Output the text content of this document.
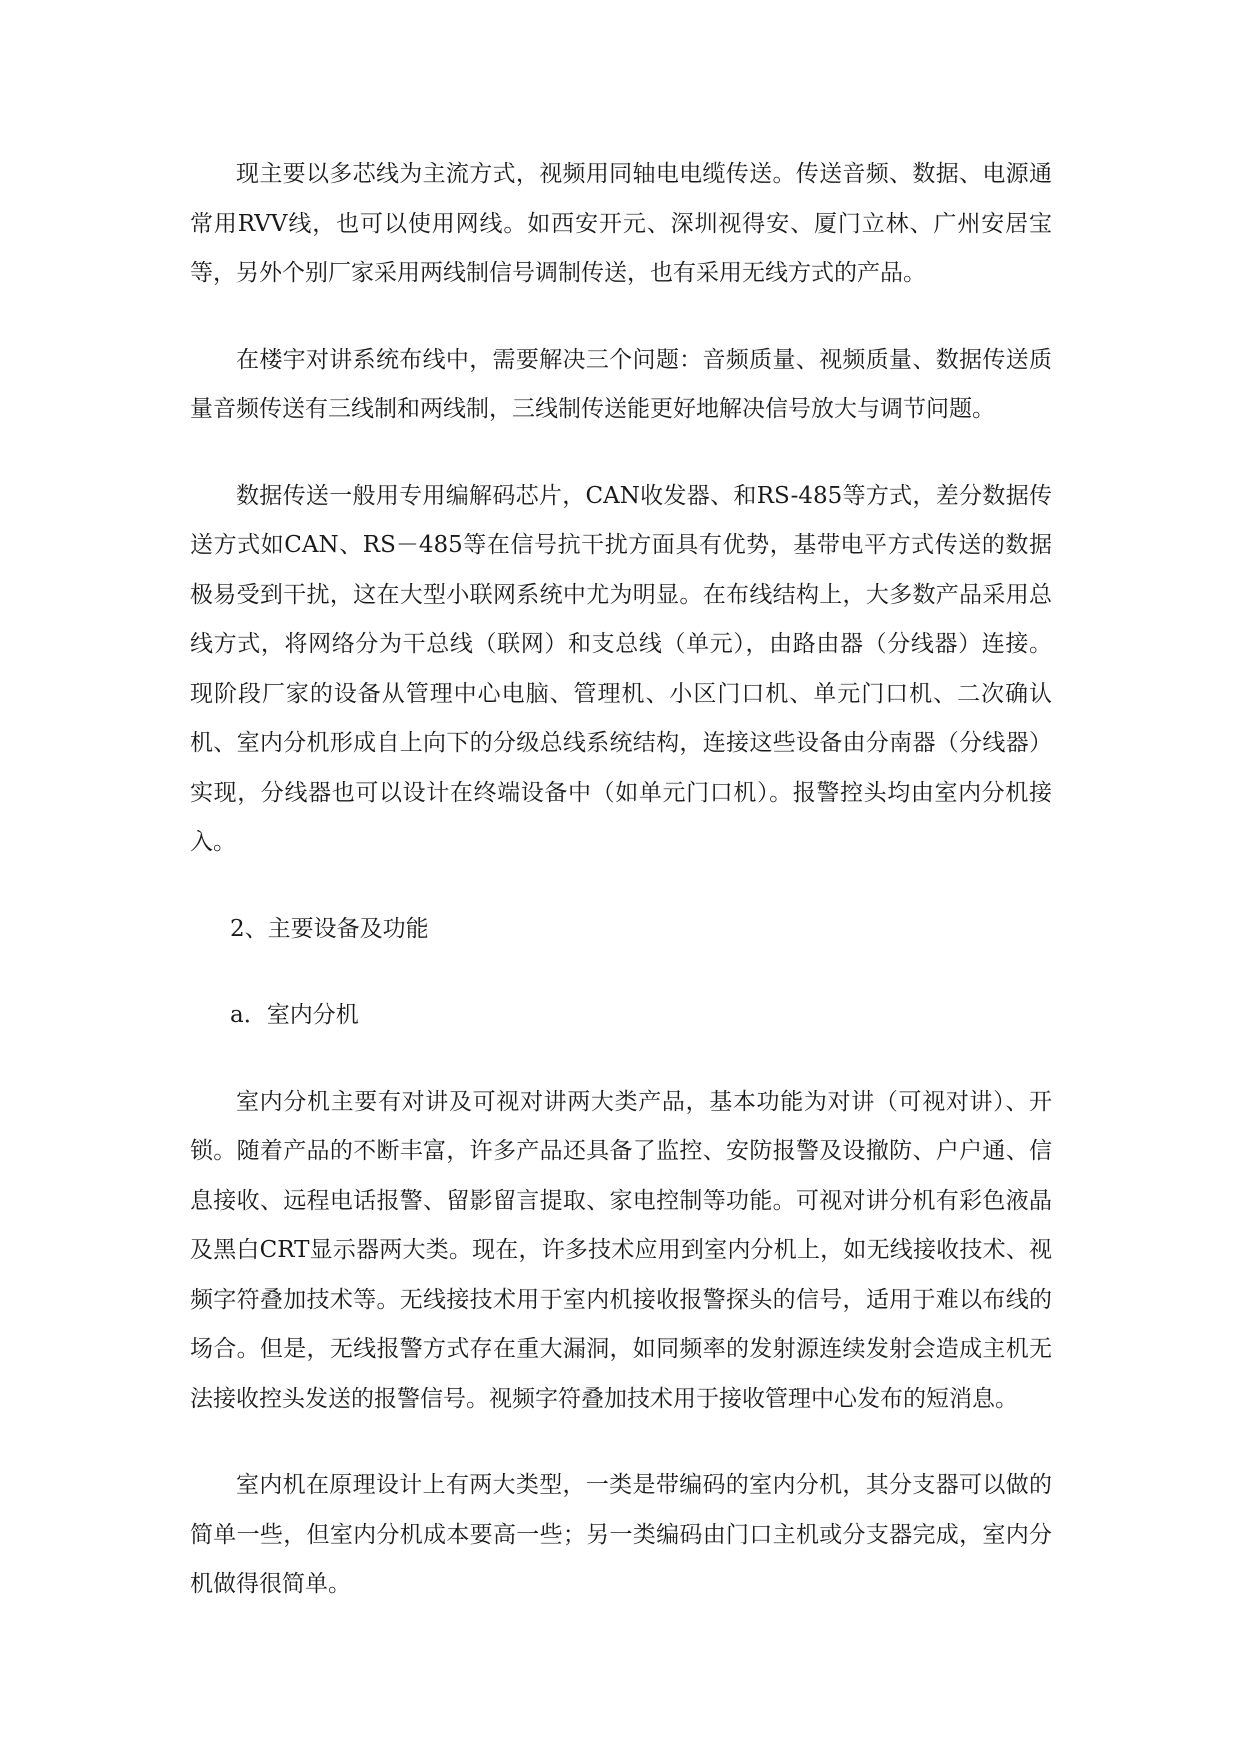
现主要以多芯线为主流方式，视频用同轴电电缆传送。传送音频、数据、电源通常用RVV线，也可以使用网线。如西安开元、深圳视得安、厦门立林、广州安居宝等，另外个别厂家采用两线制信号调制传送，也有采用无线方式的产品。

在楼宇对讲系统布线中，需要解决三个问题：音频质量、视频质量、数据传送质量音频传送有三线制和两线制，三线制传送能更好地解决信号放大与调节问题。

数据传送一般用专用编解码芯片，CAN收发器、和RS-485等方式，差分数据传送方式如CAN、RS－485等在信号抗干扰方面具有优势，基带电平方式传送的数据极易受到干扰，这在大型小联网系统中尤为明显。在布线结构上，大多数产品采用总线方式，将网络分为干总线（联网）和支总线（单元），由路由器（分线器）连接。现阶段厂家的设备从管理中心电脑、管理机、小区门口机、单元门口机、二次确认机、室内分机形成自上向下的分级总线系统结构，连接这些设备由分南器（分线器）实现，分线器也可以设计在终端设备中（如单元门口机）。报警控头均由室内分机接入。

2、主要设备及功能

a．室内分机

室内分机主要有对讲及可视对讲两大类产品，基本功能为对讲（可视对讲）、开锁。随着产品的不断丰富，许多产品还具备了监控、安防报警及设撤防、户户通、信息接收、远程电话报警、留影留言提取、家电控制等功能。可视对讲分机有彩色液晶及黑白CRT显示器两大类。现在，许多技术应用到室内分机上，如无线接收技术、视频字符叠加技术等。无线接技术用于室内机接收报警探头的信号，适用于难以布线的场合。但是，无线报警方式存在重大漏洞，如同频率的发射源连续发射会造成主机无法接收控头发送的报警信号。视频字符叠加技术用于接收管理中心发布的短消息。

室内机在原理设计上有两大类型，一类是带编码的室内分机，其分支器可以做的简单一些，但室内分机成本要高一些；另一类编码由门口主机或分支器完成，室内分机做得很简单。
